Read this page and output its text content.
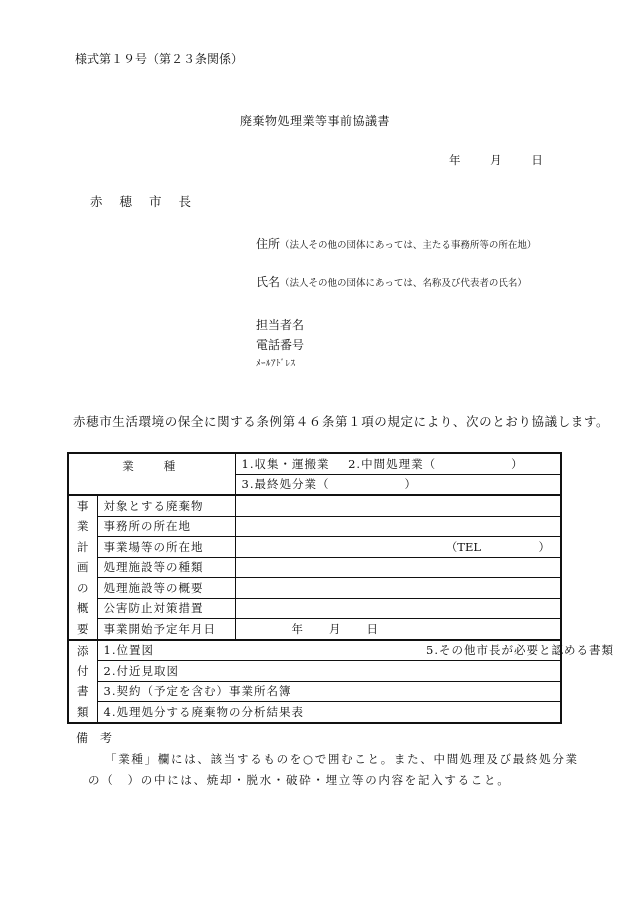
様式第１９号（第２３条関係）
廃棄物処理業等事前協議書
年	月	日
赤穂市長
住所（法人その他の団体にあっては、主たる事務所等の所在地）
氏名（法人その他の団体にあっては、名称及び代表者の氏名）
担当者名
電話番号
ﾒｰﾙｱﾄﾞﾚｽ
赤穂市生活環境の保全に関する条例第４６条第１項の規定により、次のとおり協議します。
業種		1.収集・運搬業 2.中間処理業（　　　　　　）
		3.最終処分業（　　　　　　）
事	対象とする廃棄物	
業	事務所の所在地	
計	事業場等の所在地	（TEL　　　　　）
画	処理施設等の種類	
の	処理施設等の概要	
概	公害防止対策措置	
要	事業開始予定年月日	年　　月　　日
添	1.位置図 5.その他市長が必要と認める書類	

付	2.付近見取図	
書	3.契約（予定を含む）事業所名簿	
類	4.処理処分する廃棄物の分析結果表	
備考
「業種」欄には、該当するものを○で囲むこと。また、中間処理及び最終処分業
の（　）の中には、焼却・脱水・破砕・埋立等の内容を記入すること。
